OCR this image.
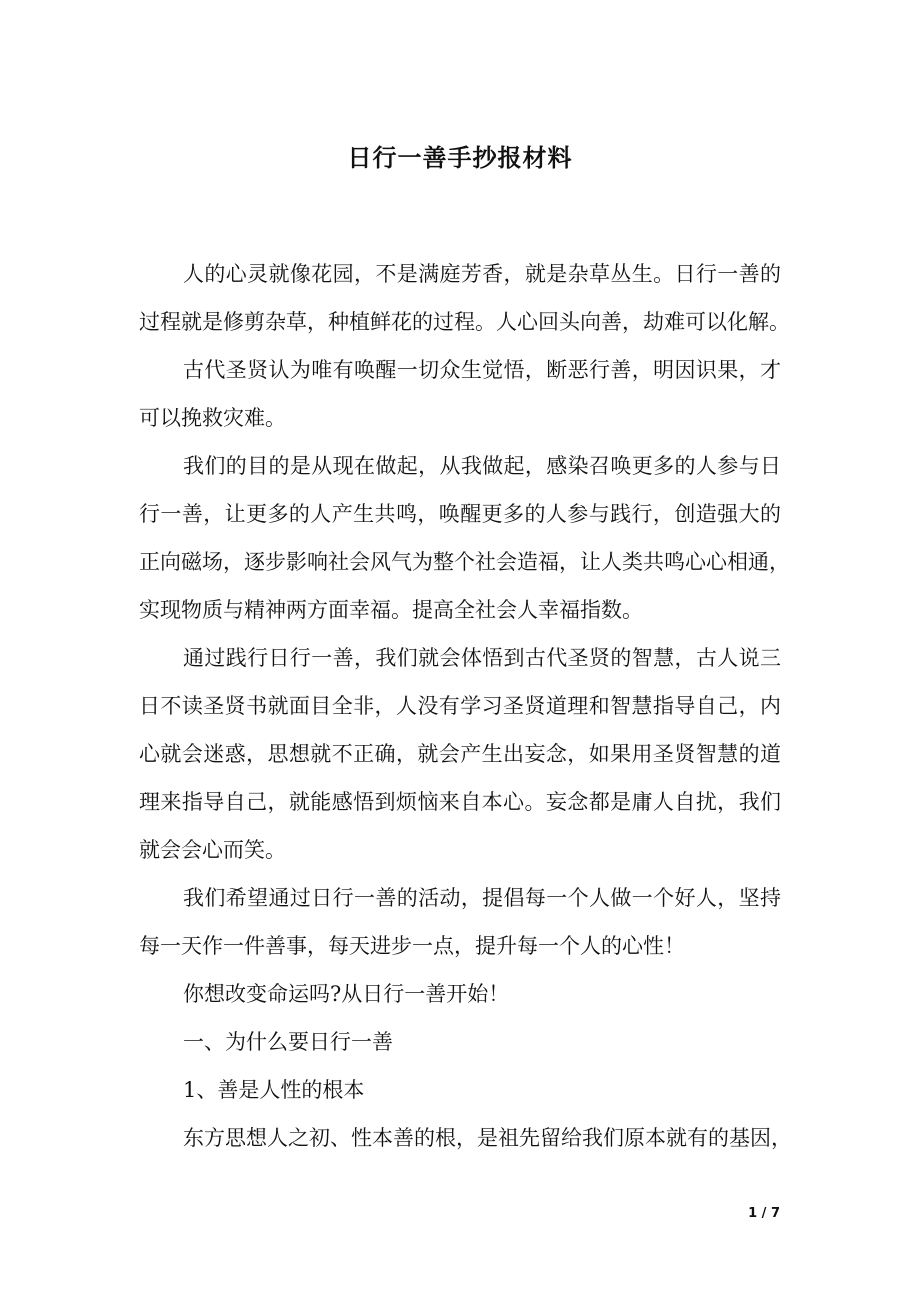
日行一善手抄报材料
人的心灵就像花园，不是满庭芳香，就是杂草丛生。日行一善的
过程就是修剪杂草，种植鲜花的过程。人心回头向善，劫难可以化解。
古代圣贤认为唯有唤醒一切众生觉悟，断恶行善，明因识果，才
可以挽救灾难。
我们的目的是从现在做起，从我做起，感染召唤更多的人参与日
行一善，让更多的人产生共鸣，唤醒更多的人参与践行，创造强大的
正向磁场，逐步影响社会风气为整个社会造福，让人类共鸣心心相通，
实现物质与精神两方面幸福。提高全社会人幸福指数。
通过践行日行一善，我们就会体悟到古代圣贤的智慧，古人说三
日不读圣贤书就面目全非，人没有学习圣贤道理和智慧指导自己，内
心就会迷惑，思想就不正确，就会产生出妄念，如果用圣贤智慧的道
理来指导自己，就能感悟到烦恼来自本心。妄念都是庸人自扰，我们
就会会心而笑。
我们希望通过日行一善的活动，提倡每一个人做一个好人，坚持
每一天作一件善事，每天进步一点，提升每一个人的心性！
你想改变命运吗?从日行一善开始！
一、为什么要日行一善
1、善是人性的根本
东方思想人之初、性本善的根，是祖先留给我们原本就有的基因，
1 / 7
